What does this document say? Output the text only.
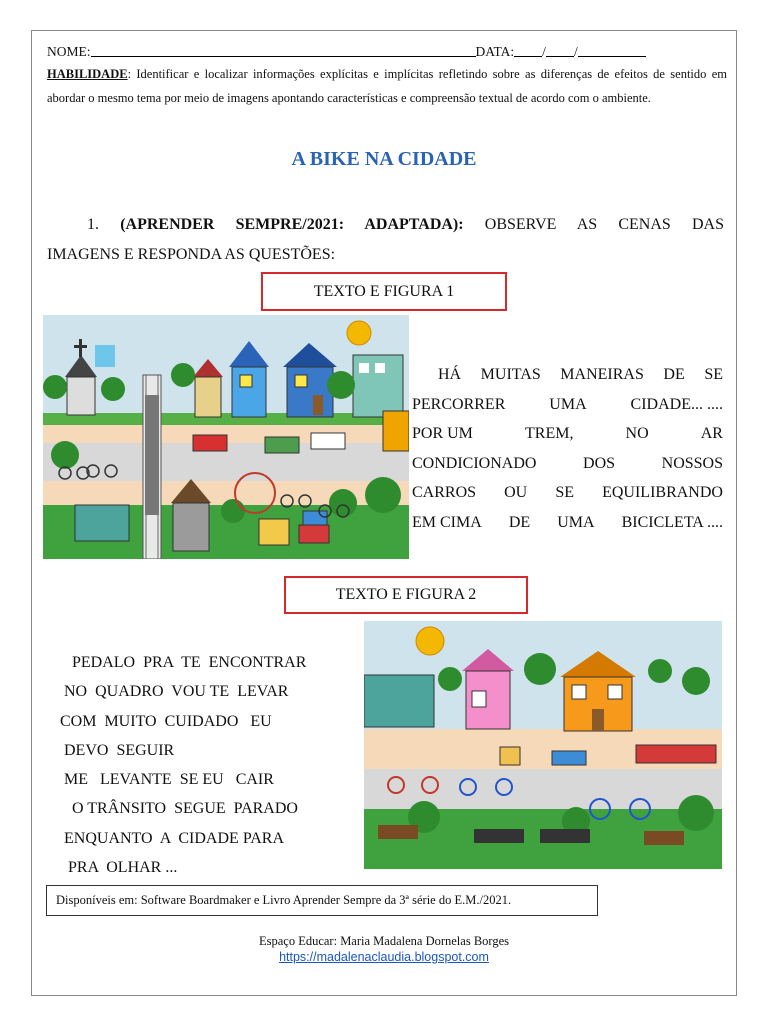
NOME:	DATA: / /
HABILIDADE: Identificar e localizar informações explícitas e implícitas refletindo sobre as diferenças de efeitos de sentido em abordar o mesmo tema por meio de imagens apontando características e compreensão textual de acordo com o ambiente.
A BIKE NA CIDADE
1. (APRENDER SEMPRE/2021: ADAPTADA): OBSERVE AS CENAS DAS
IMAGENS E RESPONDA AS QUESTÕES:
TEXTO E FIGURA 1
HÁ MUITAS MANEIRAS DE SE
PERCORRER	UMA	CIDADE... ....
POR UM	TREM,	NO	AR
CONDICIONADO	DOS	NOSSOS
CARROS OU SE EQUILIBRANDO
EM CIMA DE UMA BICICLETA ....
TEXTO E FIGURA 2
PEDALO  PRA  TE  ENCONTRAR
NO  QUADRO  VOU TE  LEVAR
COM  MUITO  CUIDADO   EU
DEVO  SEGUIR
ME   LEVANTE  SE EU   CAIR
O TRÂNSITO  SEGUE  PARADO
ENQUANTO  A  CIDADE PARA
PRA  OLHAR ...
Disponíveis em: Software Boardmaker e Livro Aprender Sempre da 3ª série do E.M./2021.
Espaço Educar: Maria Madalena Dornelas Borges
https://madalenaclaudia.blogspot.com
